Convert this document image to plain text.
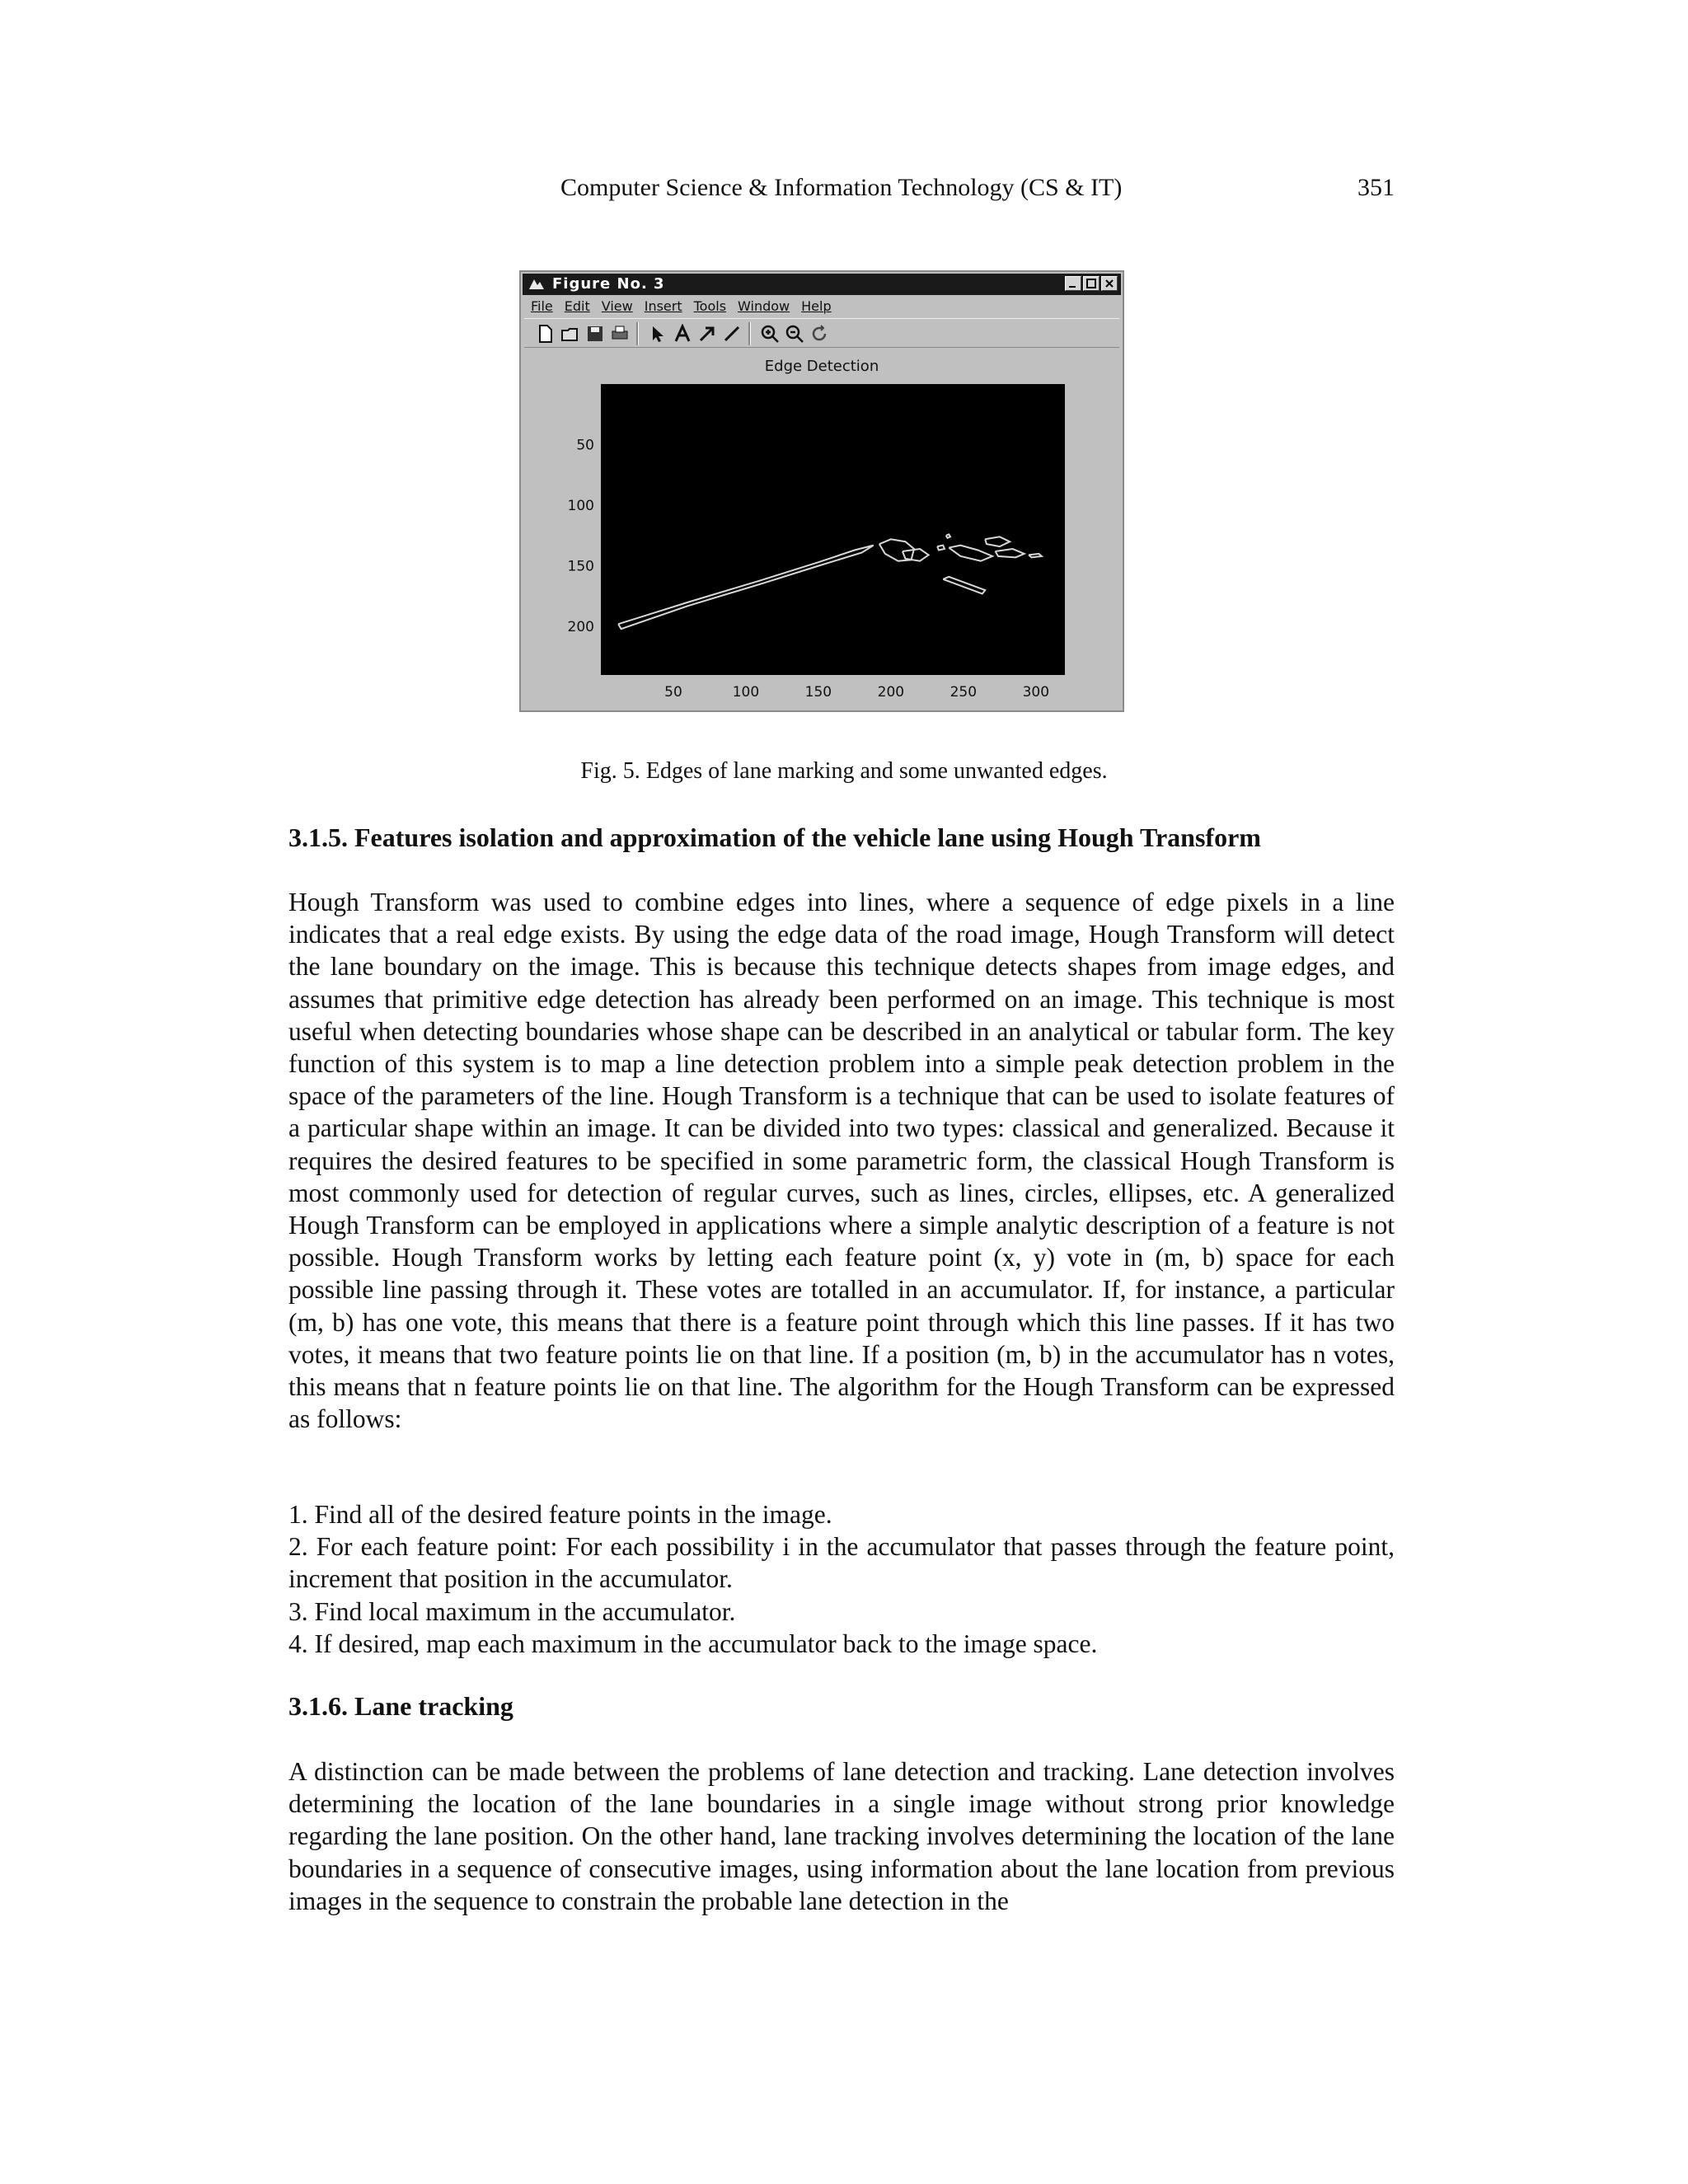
Computer Science & Information Technology (CS & IT)	351
Figure No. 3
File Edit View Insert Tools Window Help
Edge Detection
50	100	150	200	250	300
50
100
150
200
Fig. 5. Edges of lane marking and some unwanted edges.
3.1.5. Features isolation and approximation of the vehicle lane using Hough Transform

Hough Transform was used to combine edges into lines, where a sequence of edge pixels in a line indicates that a real edge exists. By using the edge data of the road image, Hough Transform will detect the lane boundary on the image. This is because this technique detects shapes from image edges, and assumes that primitive edge detection has already been performed on an image. This technique is most useful when detecting boundaries whose shape can be described in an analytical or tabular form. The key function of this system is to map a line detection problem into a simple peak detection problem in the space of the parameters of the line. Hough Transform is a technique that can be used to isolate features of a particular shape within an image. It can be divided into two types: classical and generalized. Because it requires the desired features to be specified in some parametric form, the classical Hough Transform is most commonly used for detection of regular curves, such as lines, circles, ellipses, etc. A generalized Hough Transform can be employed in applications where a simple analytic description of a feature is not possible. Hough Transform works by letting each feature point (x, y) vote in (m, b) space for each possible line passing through it. These votes are totalled in an accumulator. If, for instance, a particular (m, b) has one vote, this means that there is a feature point through which this line passes. If it has two votes, it means that two feature points lie on that line. If a position (m, b) in the accumulator has n votes, this means that n feature points lie on that line. The algorithm for the Hough Transform can be expressed as follows:

1. Find all of the desired feature points in the image.
2. For each feature point: For each possibility i in the accumulator that passes through the feature point, increment that position in the accumulator.
3. Find local maximum in the accumulator.
4. If desired, map each maximum in the accumulator back to the image space.
3.1.6. Lane tracking

A distinction can be made between the problems of lane detection and tracking. Lane detection involves determining the location of the lane boundaries in a single image without strong prior knowledge regarding the lane position. On the other hand, lane tracking involves determining the location of the lane boundaries in a sequence of consecutive images, using information about the lane location from previous images in the sequence to constrain the probable lane detection in the
